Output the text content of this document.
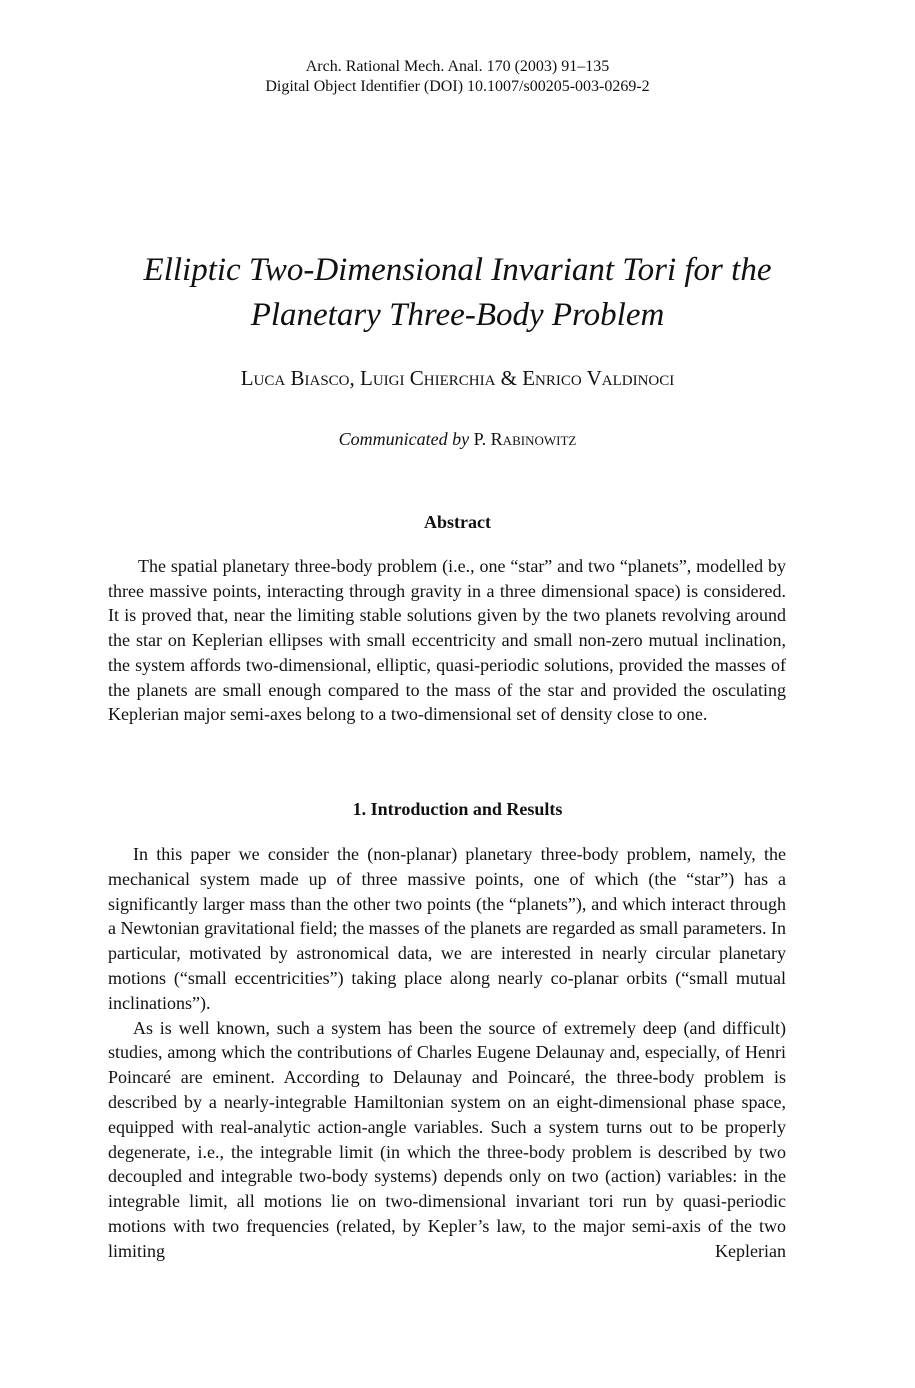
Arch. Rational Mech. Anal. 170 (2003) 91–135
Digital Object Identifier (DOI) 10.1007/s00205-003-0269-2
Elliptic Two-Dimensional Invariant Tori for the
Planetary Three-Body Problem
Luca Biasco, Luigi Chierchia & Enrico Valdinoci
Communicated by P. Rabinowitz
Abstract

The spatial planetary three-body problem (i.e., one “star” and two “planets”, modelled by three massive points, interacting through gravity in a three dimensional space) is considered. It is proved that, near the limiting stable solutions given by the two planets revolving around the star on Keplerian ellipses with small eccentricity and small non-zero mutual inclination, the system affords two-dimensional, elliptic, quasi-periodic solutions, provided the masses of the planets are small enough compared to the mass of the star and provided the osculating Keplerian major semi-axes belong to a two-dimensional set of density close to one.

1. Introduction and Results

In this paper we consider the (non-planar) planetary three-body problem, namely, the mechanical system made up of three massive points, one of which (the “star”) has a significantly larger mass than the other two points (the “planets”), and which interact through a Newtonian gravitational field; the masses of the planets are regarded as small parameters. In particular, motivated by astronomical data, we are interested in nearly circular planetary motions (“small eccentricities”) taking place along nearly co-planar orbits (“small mutual inclinations”).

As is well known, such a system has been the source of extremely deep (and difficult) studies, among which the contributions of Charles Eugene Delaunay and, especially, of Henri Poincaré are eminent. According to Delaunay and Poincaré, the three-body problem is described by a nearly-integrable Hamiltonian system on an eight-dimensional phase space, equipped with real-analytic action-angle variables. Such a system turns out to be properly degenerate, i.e., the integrable limit (in which the three-body problem is described by two decoupled and integrable two-body systems) depends only on two (action) variables: in the integrable limit, all motions lie on two-dimensional invariant tori run by quasi-periodic motions with two frequencies (related, by Kepler’s law, to the major semi-axis of the two limiting Keplerian
